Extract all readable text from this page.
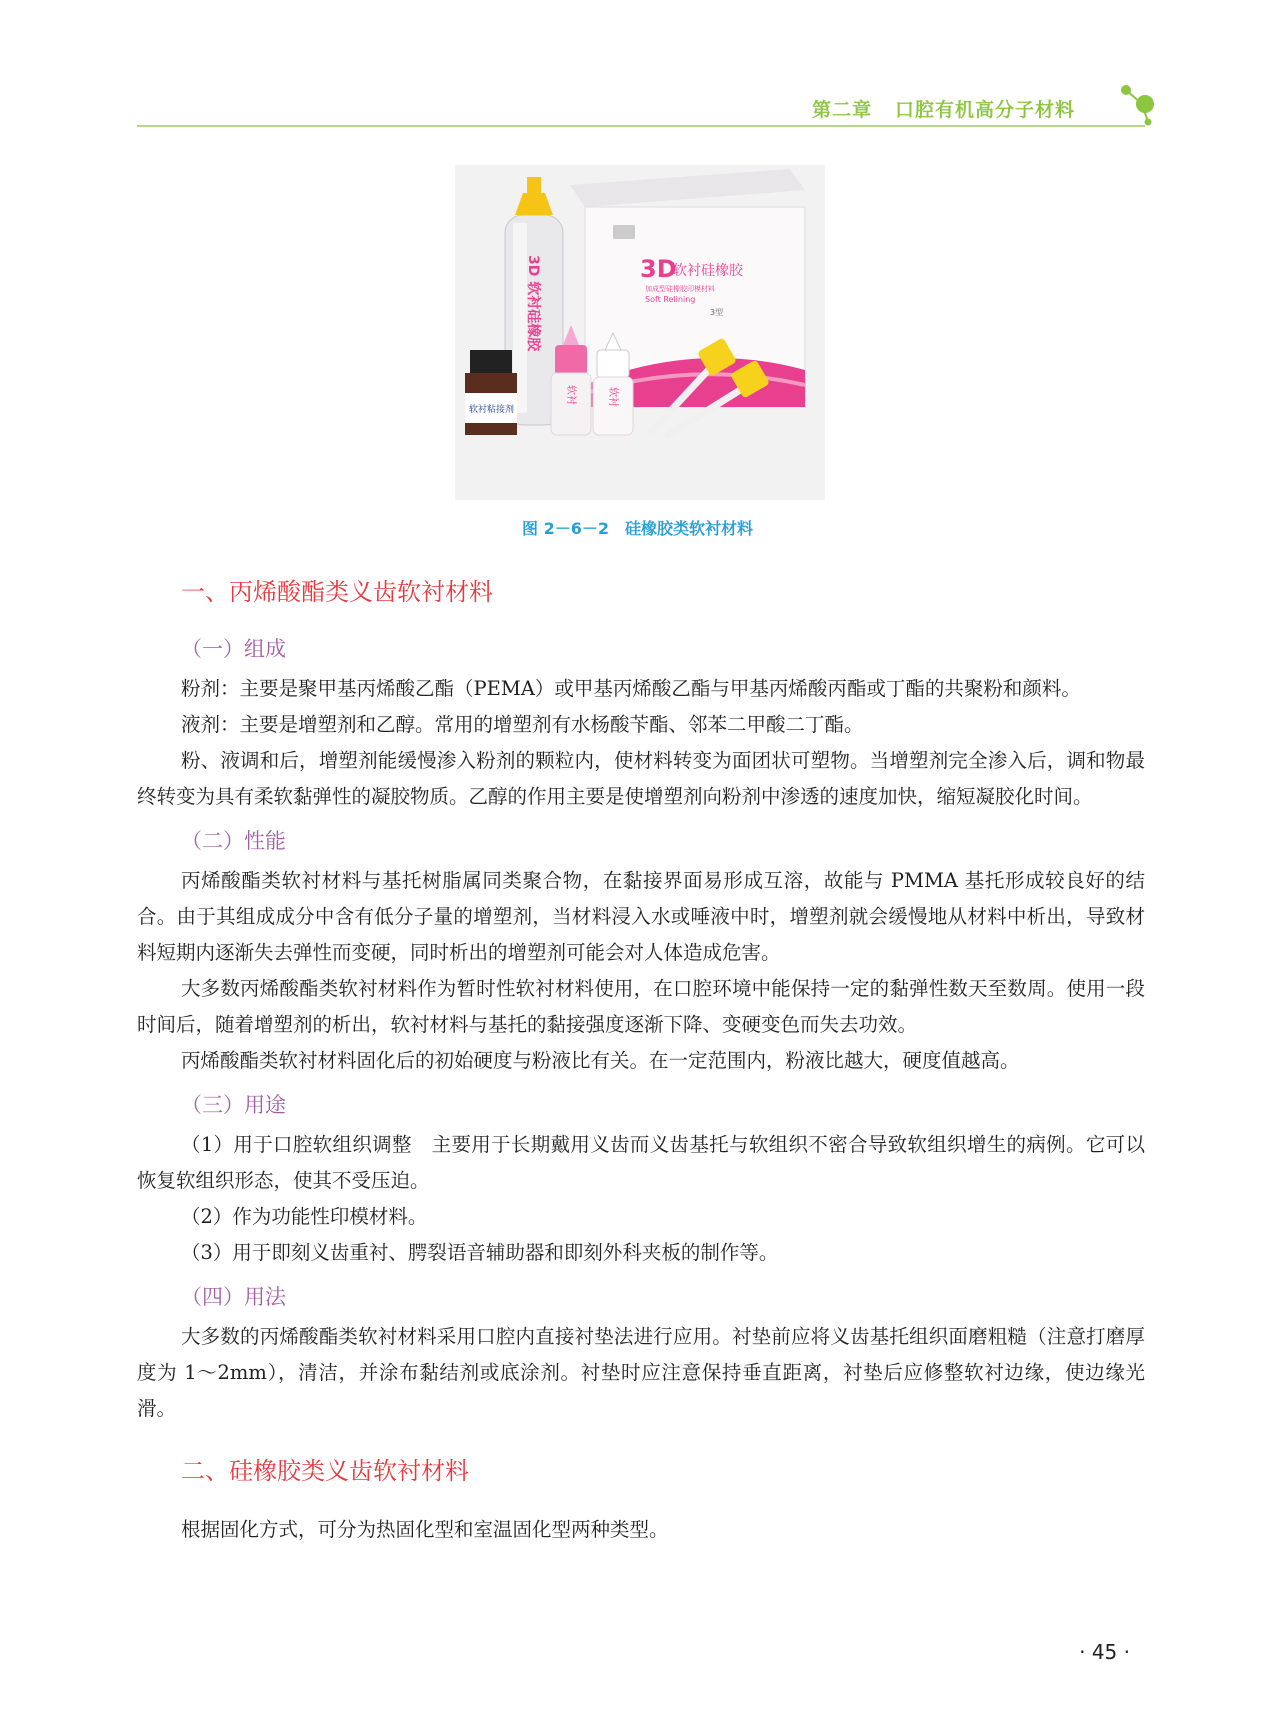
第二章 口腔有机高分子材料
3D
软衬硅橡胶
加成型硅橡胶印模材料
Soft Relining
3型
3D 软衬硅橡胶
软衬粘接剂
软衬	软衬
图 2－6－2　硅橡胶类软衬材料
一、丙烯酸酯类义齿软衬材料
（一）组成

粉剂：主要是聚甲基丙烯酸乙酯（PEMA）或甲基丙烯酸乙酯与甲基丙烯酸丙酯或丁酯的共聚粉和颜料。

液剂：主要是增塑剂和乙醇。常用的增塑剂有水杨酸苄酯、邻苯二甲酸二丁酯。

粉、液调和后，增塑剂能缓慢渗入粉剂的颗粒内，使材料转变为面团状可塑物。当增塑剂完全渗入后，调和物最终转变为具有柔软黏弹性的凝胶物质。乙醇的作用主要是使增塑剂向粉剂中渗透的速度加快，缩短凝胶化时间。

（二）性能

丙烯酸酯类软衬材料与基托树脂属同类聚合物，在黏接界面易形成互溶，故能与 PMMA 基托形成较良好的结合。由于其组成成分中含有低分子量的增塑剂，当材料浸入水或唾液中时，增塑剂就会缓慢地从材料中析出，导致材料短期内逐渐失去弹性而变硬，同时析出的增塑剂可能会对人体造成危害。

大多数丙烯酸酯类软衬材料作为暂时性软衬材料使用，在口腔环境中能保持一定的黏弹性数天至数周。使用一段时间后，随着增塑剂的析出，软衬材料与基托的黏接强度逐渐下降、变硬变色而失去功效。

丙烯酸酯类软衬材料固化后的初始硬度与粉液比有关。在一定范围内，粉液比越大，硬度值越高。

（三）用途

（1）用于口腔软组织调整　主要用于长期戴用义齿而义齿基托与软组织不密合导致软组织增生的病例。它可以恢复软组织形态，使其不受压迫。

（2）作为功能性印模材料。

（3）用于即刻义齿重衬、腭裂语音辅助器和即刻外科夹板的制作等。

（四）用法

大多数的丙烯酸酯类软衬材料采用口腔内直接衬垫法进行应用。衬垫前应将义齿基托组织面磨粗糙（注意打磨厚度为 1～2mm），清洁，并涂布黏结剂或底涂剂。衬垫时应注意保持垂直距离，衬垫后应修整软衬边缘，使边缘光滑。

二、硅橡胶类义齿软衬材料

根据固化方式，可分为热固化型和室温固化型两种类型。

· 45 ·
